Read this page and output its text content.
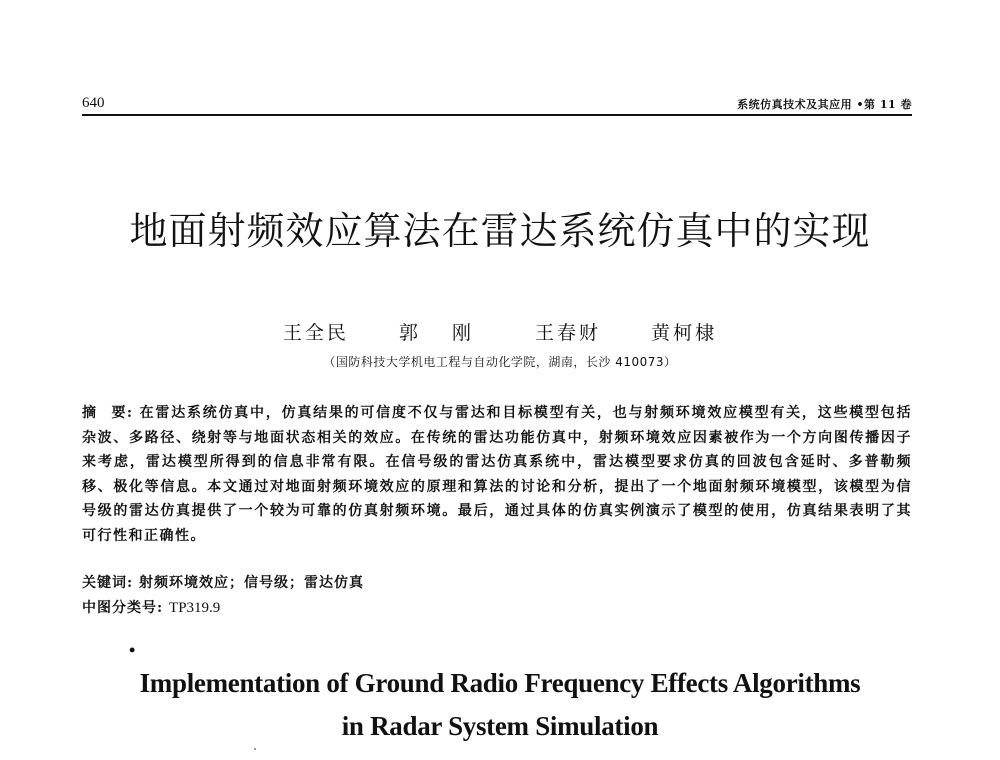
640	系统仿真技术及其应用 •第 11 卷
地面射频效应算法在雷达系统仿真中的实现
王全民	郭 刚	王春财	黄柯棣
（国防科技大学机电工程与自动化学院，湖南，长沙 410073）
摘 要: 在雷达系统仿真中，仿真结果的可信度不仅与雷达和目标模型有关，也与射频环境效应模型有关，这些模型包括杂波、多路径、绕射等与地面状态相关的效应。在传统的雷达功能仿真中，射频环境效应因素被作为一个方向图传播因子来考虑，雷达模型所得到的信息非常有限。在信号级的雷达仿真系统中，雷达模型要求仿真的回波包含延时、多普勒频移、极化等信息。本文通过对地面射频环境效应的原理和算法的讨论和分析，提出了一个地面射频环境模型，该模型为信号级的雷达仿真提供了一个较为可靠的仿真射频环境。最后，通过具体的仿真实例演示了模型的使用，仿真结果表明了其可行性和正确性。
关键词: 射频环境效应；信号级；雷达仿真
中图分类号: TP319.9
•
Implementation of Ground Radio Frequency Effects Algorithms
in Radar System Simulation
